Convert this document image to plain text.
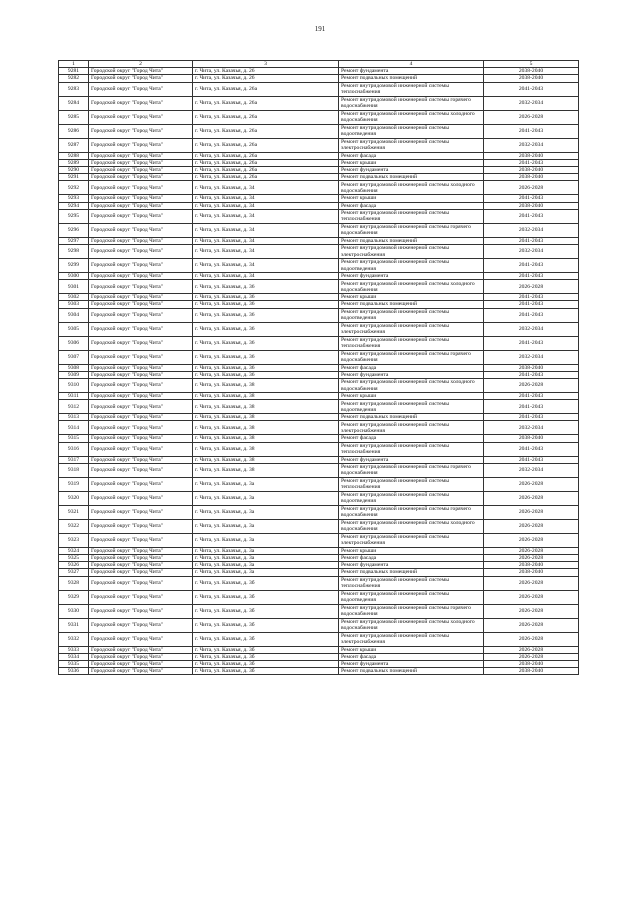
191
1	2	3	4	5
9281	Городской округ "Город Чита"	г. Чита, ул. Казачья, д. 26	Ремонт фундамента	2038-2040
9282	Городской округ "Город Чита"	г. Чита, ул. Казачья, д. 26	Ремонт подвальных помещений	2038-2040
9283	Городской округ "Город Чита"	г. Чита, ул. Казачья, д. 26а	Ремонт внутридомовой инженерной системы теплоснабжения	2041-2043
9284	Городской округ "Город Чита"	г. Чита, ул. Казачья, д. 26а	Ремонт внутридомовой инженерной системы горячего водоснабжения	2032-2034
9285	Городской округ "Город Чита"	г. Чита, ул. Казачья, д. 26а	Ремонт внутридомовой инженерной системы холодного водоснабжения	2026-2028
9286	Городской округ "Город Чита"	г. Чита, ул. Казачья, д. 26а	Ремонт внутридомовой инженерной системы водоотведения	2041-2043
9287	Городской округ "Город Чита"	г. Чита, ул. Казачья, д. 26а	Ремонт внутридомовой инженерной системы электроснабжения	2032-2034
9288	Городской округ "Город Чита"	г. Чита, ул. Казачья, д. 26а	Ремонт фасада	2038-2040
9289	Городской округ "Город Чита"	г. Чита, ул. Казачья, д. 26а	Ремонт крыши	2041-2043
9290	Городской округ "Город Чита"	г. Чита, ул. Казачья, д. 26а	Ремонт фундамента	2038-2040
9291	Городской округ "Город Чита"	г. Чита, ул. Казачья, д. 26а	Ремонт подвальных помещений	2038-2040
9292	Городской округ "Город Чита"	г. Чита, ул. Казачья, д. 34	Ремонт внутридомовой инженерной системы холодного водоснабжения	2026-2028
9293	Городской округ "Город Чита"	г. Чита, ул. Казачья, д. 34	Ремонт крыши	2041-2043
9294	Городской округ "Город Чита"	г. Чита, ул. Казачья, д. 34	Ремонт фасада	2038-2040
9295	Городской округ "Город Чита"	г. Чита, ул. Казачья, д. 34	Ремонт внутридомовой инженерной системы теплоснабжения	2041-2043
9296	Городской округ "Город Чита"	г. Чита, ул. Казачья, д. 34	Ремонт внутридомовой инженерной системы горячего водоснабжения	2032-2034
9297	Городской округ "Город Чита"	г. Чита, ул. Казачья, д. 34	Ремонт подвальных помещений	2041-2043
9298	Городской округ "Город Чита"	г. Чита, ул. Казачья, д. 34	Ремонт внутридомовой инженерной системы электроснабжения	2032-2034
9299	Городской округ "Город Чита"	г. Чита, ул. Казачья, д. 34	Ремонт внутридомовой инженерной системы водоотведения	2041-2043
9300	Городской округ "Город Чита"	г. Чита, ул. Казачья, д. 34	Ремонт фундамента	2041-2043
9301	Городской округ "Город Чита"	г. Чита, ул. Казачья, д. 36	Ремонт внутридомовой инженерной системы холодного водоснабжения	2026-2028
9302	Городской округ "Город Чита"	г. Чита, ул. Казачья, д. 36	Ремонт крыши	2041-2043
9303	Городской округ "Город Чита"	г. Чита, ул. Казачья, д. 36	Ремонт подвальных помещений	2041-2043
9304	Городской округ "Город Чита"	г. Чита, ул. Казачья, д. 36	Ремонт внутридомовой инженерной системы водоотведения	2041-2043
9305	Городской округ "Город Чита"	г. Чита, ул. Казачья, д. 36	Ремонт внутридомовой инженерной системы электроснабжения	2032-2034
9306	Городской округ "Город Чита"	г. Чита, ул. Казачья, д. 36	Ремонт внутридомовой инженерной системы теплоснабжения	2041-2043
9307	Городской округ "Город Чита"	г. Чита, ул. Казачья, д. 36	Ремонт внутридомовой инженерной системы горячего водоснабжения	2032-2034
9308	Городской округ "Город Чита"	г. Чита, ул. Казачья, д. 36	Ремонт фасада	2038-2040
9309	Городской округ "Город Чита"	г. Чита, ул. Казачья, д. 36	Ремонт фундамента	2041-2043
9310	Городской округ "Город Чита"	г. Чита, ул. Казачья, д. 38	Ремонт внутридомовой инженерной системы холодного водоснабжения	2026-2028
9311	Городской округ "Город Чита"	г. Чита, ул. Казачья, д. 38	Ремонт крыши	2041-2043
9312	Городской округ "Город Чита"	г. Чита, ул. Казачья, д. 38	Ремонт внутридомовой инженерной системы водоотведения	2041-2043
9313	Городской округ "Город Чита"	г. Чита, ул. Казачья, д. 38	Ремонт подвальных помещений	2041-2043
9314	Городской округ "Город Чита"	г. Чита, ул. Казачья, д. 38	Ремонт внутридомовой инженерной системы электроснабжения	2032-2034
9315	Городской округ "Город Чита"	г. Чита, ул. Казачья, д. 38	Ремонт фасада	2038-2040
9316	Городской округ "Город Чита"	г. Чита, ул. Казачья, д. 38	Ремонт внутридомовой инженерной системы теплоснабжения	2041-2043
9317	Городской округ "Город Чита"	г. Чита, ул. Казачья, д. 38	Ремонт фундамента	2041-2043
9318	Городской округ "Город Чита"	г. Чита, ул. Казачья, д. 38	Ремонт внутридомовой инженерной системы горячего водоснабжения	2032-2034
9319	Городской округ "Город Чита"	г. Чита, ул. Казачья, д. 3а	Ремонт внутридомовой инженерной системы теплоснабжения	2026-2028
9320	Городской округ "Город Чита"	г. Чита, ул. Казачья, д. 3а	Ремонт внутридомовой инженерной системы водоотведения	2026-2028
9321	Городской округ "Город Чита"	г. Чита, ул. Казачья, д. 3а	Ремонт внутридомовой инженерной системы горячего водоснабжения	2026-2028
9322	Городской округ "Город Чита"	г. Чита, ул. Казачья, д. 3а	Ремонт внутридомовой инженерной системы холодного водоснабжения	2026-2028
9323	Городской округ "Город Чита"	г. Чита, ул. Казачья, д. 3а	Ремонт внутридомовой инженерной системы электроснабжения	2026-2028
9324	Городской округ "Город Чита"	г. Чита, ул. Казачья, д. 3а	Ремонт крыши	2026-2028
9325	Городской округ "Город Чита"	г. Чита, ул. Казачья, д. 3а	Ремонт фасада	2026-2028
9326	Городской округ "Город Чита"	г. Чита, ул. Казачья, д. 3а	Ремонт фундамента	2038-2040
9327	Городской округ "Город Чита"	г. Чита, ул. Казачья, д. 3а	Ремонт подвальных помещений	2038-2040
9328	Городской округ "Город Чита"	г. Чита, ул. Казачья, д. 3б	Ремонт внутридомовой инженерной системы теплоснабжения	2026-2028
9329	Городской округ "Город Чита"	г. Чита, ул. Казачья, д. 3б	Ремонт внутридомовой инженерной системы водоотведения	2026-2028
9330	Городской округ "Город Чита"	г. Чита, ул. Казачья, д. 3б	Ремонт внутридомовой инженерной системы горячего водоснабжения	2026-2028
9331	Городской округ "Город Чита"	г. Чита, ул. Казачья, д. 3б	Ремонт внутридомовой инженерной системы холодного водоснабжения	2026-2028
9332	Городской округ "Город Чита"	г. Чита, ул. Казачья, д. 3б	Ремонт внутридомовой инженерной системы электроснабжения	2026-2028
9333	Городской округ "Город Чита"	г. Чита, ул. Казачья, д. 3б	Ремонт крыши	2026-2028
9334	Городской округ "Город Чита"	г. Чита, ул. Казачья, д. 3б	Ремонт фасада	2026-2028
9335	Городской округ "Город Чита"	г. Чита, ул. Казачья, д. 3б	Ремонт фундамента	2038-2040
9336	Городской округ "Город Чита"	г. Чита, ул. Казачья, д. 3б	Ремонт подвальных помещений	2038-2040
